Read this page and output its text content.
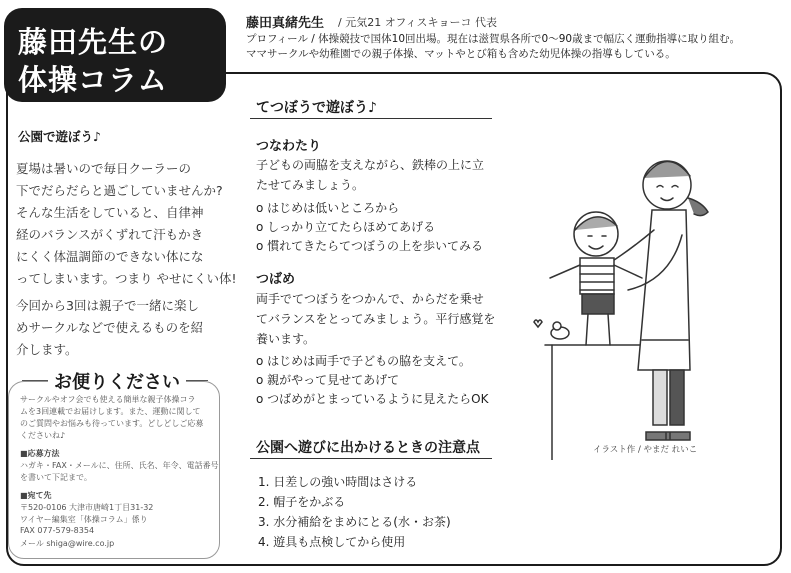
藤田先生の
体操コラム
藤田真緒先生 / 元気21 オフィスキョーコ 代表
プロフィール / 体操競技で国体10回出場。現在は滋賀県各所で0〜90歳まで幅広く運動指導に取り組む。
ママサークルや幼稚園での親子体操、マットやとび箱も含めた幼児体操の指導もしている。
公園で遊ぼう♪
夏場は暑いので毎日クーラーの
下でだらだらと過ごしていませんか?
そんな生活をしていると、自律神
経のバランスがくずれて汗もかき
にくく体温調節のできない体にな
ってしまいます。つまり やせにくい体!
今回から3回は親子で一緒に楽し
めサークルなどで使えるものを紹
介します。
お便りください
サークルやオフ会でも使える簡単な親子体操コラ
ムを3回連載でお届けします。また、運動に関して
のご質問やお悩みも待っています。どしどしご応募
くださいね♪
■応募方法
ハガキ・FAX・メールに、住所、氏名、年令、電話番号
を書いて下記まで。
■宛て先
〒520-0106 大津市唐崎1丁目31-32
ワイヤー編集室「体操コラム」係り
FAX 077-579-8354
メール shiga@wire.co.jp
てつぼうで遊ぼう♪
つなわたり
子どもの両脇を支えながら、鉄棒の上に立
たせてみましょう。
o はじめは低いところから
o しっかり立てたらほめてあげる
o 慣れてきたらてつぼうの上を歩いてみる
つばめ
両手でてつぼうをつかんで、からだを乗せ
てバランスをとってみましょう。平行感覚を
養います。
o はじめは両手で子どもの脇を支えて。
o 親がやって見せてあげて
o つばめがとまっているように見えたらOK
公園へ遊びに出かけるときの注意点
1. 日差しの強い時間はさける
2. 帽子をかぶる
3. 水分補給をまめにとる(水・お茶)
4. 遊具も点検してから使用
イラスト作 / やまだ れいこ
